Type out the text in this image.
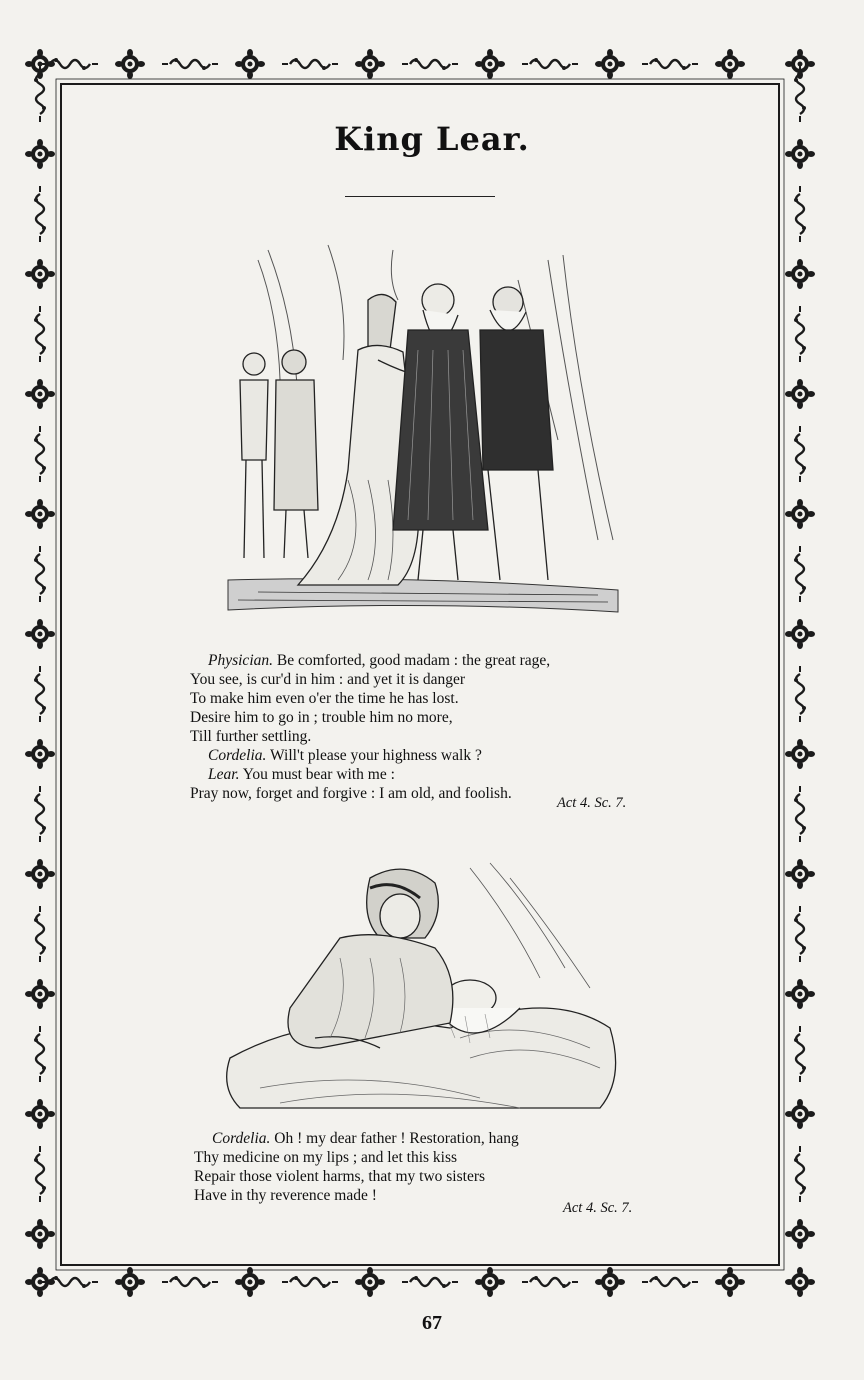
King Lear.
Physician. Be comforted, good madam : the great rage,
You see, is cur'd in him : and yet it is danger
To make him even o'er the time he has lost.
Desire him to go in ; trouble him no more,
Till further settling.
Cordelia. Will't please your highness walk ?
Lear. You must bear with me :
Pray now, forget and forgive : I am old, and foolish.
Act 4. Sc. 7.
Cordelia. Oh ! my dear father ! Restoration, hang
Thy medicine on my lips ; and let this kiss
Repair those violent harms, that my two sisters
Have in thy reverence made !
Act 4. Sc. 7.
67
